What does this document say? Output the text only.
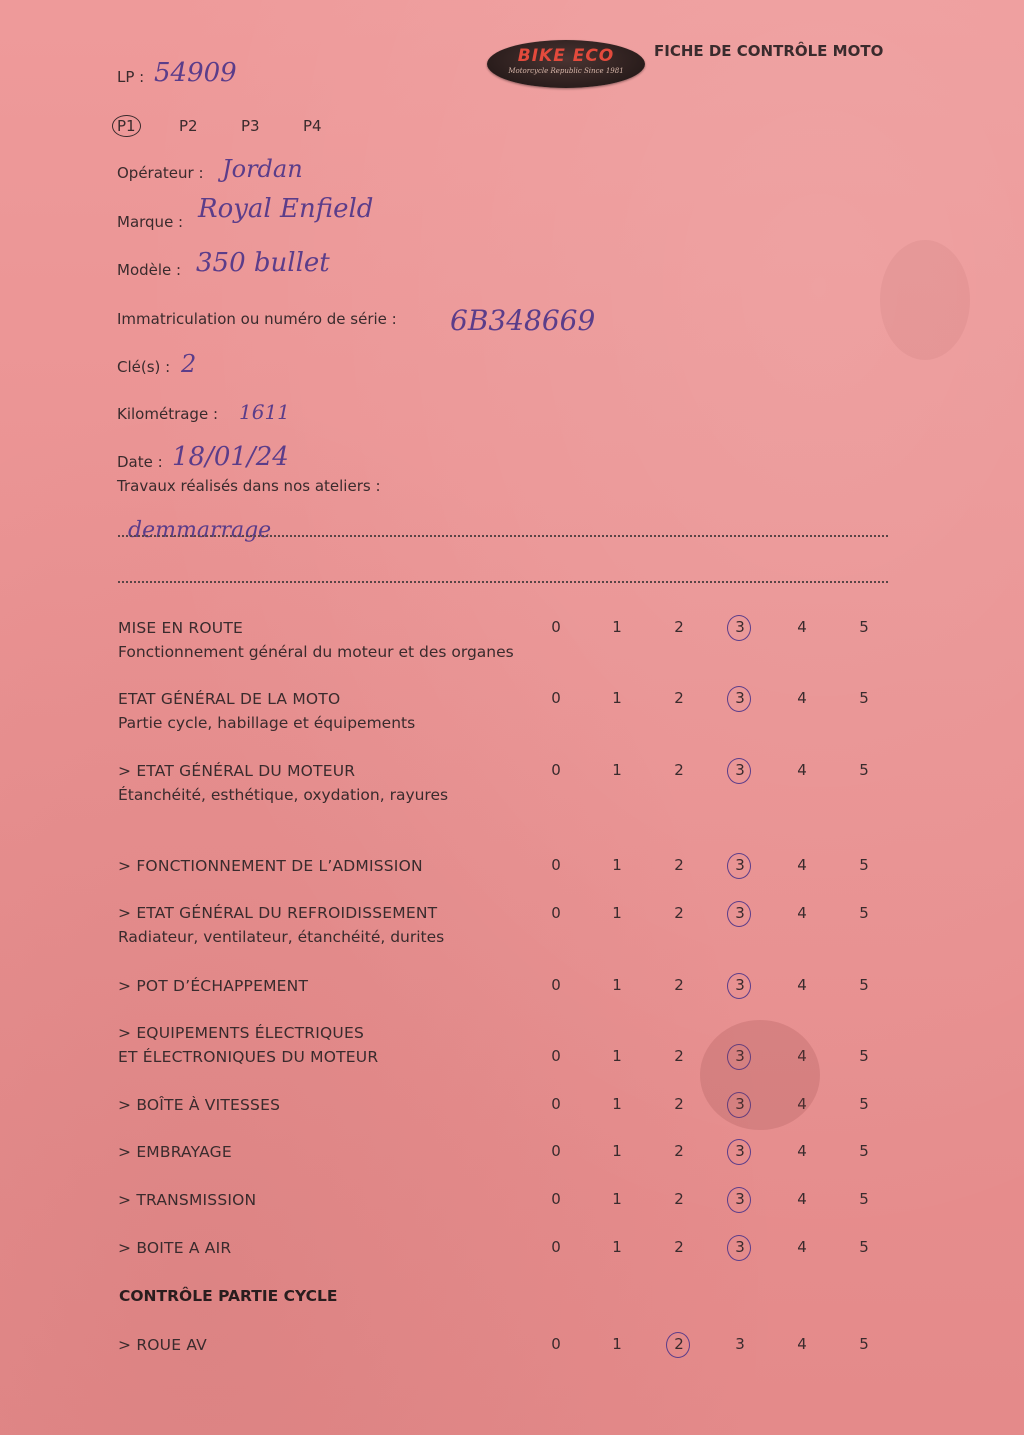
BIKE ECO
Motorcycle Republic Since 1981
FICHE DE CONTRÔLE MOTO
LP : 54909
P1	P2	P3	P4
Opérateur : Jordan
Marque : Royal Enfield
Modèle : 350 bullet
Immatriculation ou numéro de série : 6B348669
Clé(s) : 2
Kilométrage : 1611
Date : 18/01/24
Travaux réalisés dans nos ateliers :
demmarrage
MISE EN ROUTE
Fonctionnement général du moteur et des organes
0	1	2	3	4	5
ETAT GÉNÉRAL DE LA MOTO
Partie cycle, habillage et équipements
0	1	2	3	4	5
> ETAT GÉNÉRAL DU MOTEUR
Étanchéité, esthétique, oxydation, rayures
0	1	2	3	4	5
> FONCTIONNEMENT DE L’ADMISSION	0	1	2	3	4	5
> ETAT GÉNÉRAL DU REFROIDISSEMENT
Radiateur, ventilateur, étanchéité, durites
0	1	2	3	4	5
> POT D’ÉCHAPPEMENT	0	1	2	3	4	5
> EQUIPEMENTS ÉLECTRIQUES
ET ÉLECTRONIQUES DU MOTEUR	0	1	2	3	4	5
> BOÎTE À VITESSES	0	1	2	3	4	5
> EMBRAYAGE	0	1	2	3	4	5
> TRANSMISSION	0	1	2	3	4	5
> BOITE A AIR	0	1	2	3	4	5
CONTRÔLE PARTIE CYCLE
> ROUE AV	0	1	2	3	4	5
